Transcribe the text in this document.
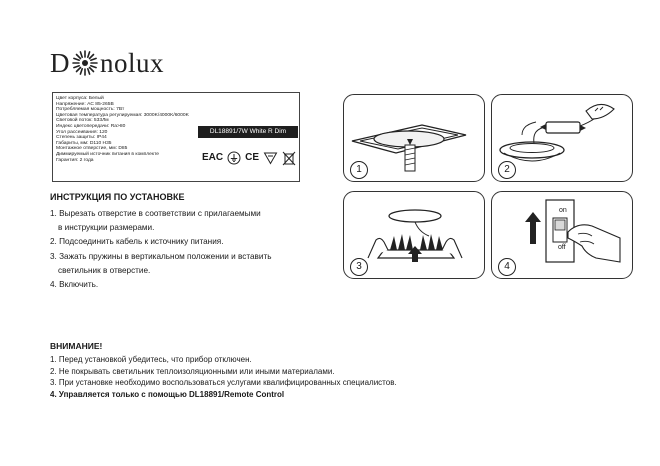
D nolux
Цвет корпуса: Белый
Напряжение: AC 85-265В
Потребляемая мощность: 7Вт
Цветовая температура регулируемая: 3000K/4000K/6000K
Световой поток: 533Лм
Индекс цветопередачи: Ra>80
Угол рассеивания: 120
Степень защиты: IP44
Габариты, мм: D110 H35
Монтажное отверстие, мм: D85
Диммируемый источник питания в комплекте
Гарантия: 2 года
DL18891/7W White R Dim
EAC CE
ИНСТРУКЦИЯ ПО УСТАНОВКЕ
1. Вырезать отверстие в соответствии с прилагаемыми
в инструкции размерами.
2. Подсоединить кабель к источнику питания.
3. Зажать пружины в вертикальном положении и вставить
светильник в отверстие.
4. Включить.
ВНИМАНИЕ!
1. Перед установкой убедитесь, что прибор отключен.
2. Не покрывать светильник теплоизоляционными или иными материалами.
3. При установке необходимо воспользоваться услугами квалифицированных специалистов.
4. Управляется только с помощью DL18891/Remote Control
1	2
3
on
off
4
